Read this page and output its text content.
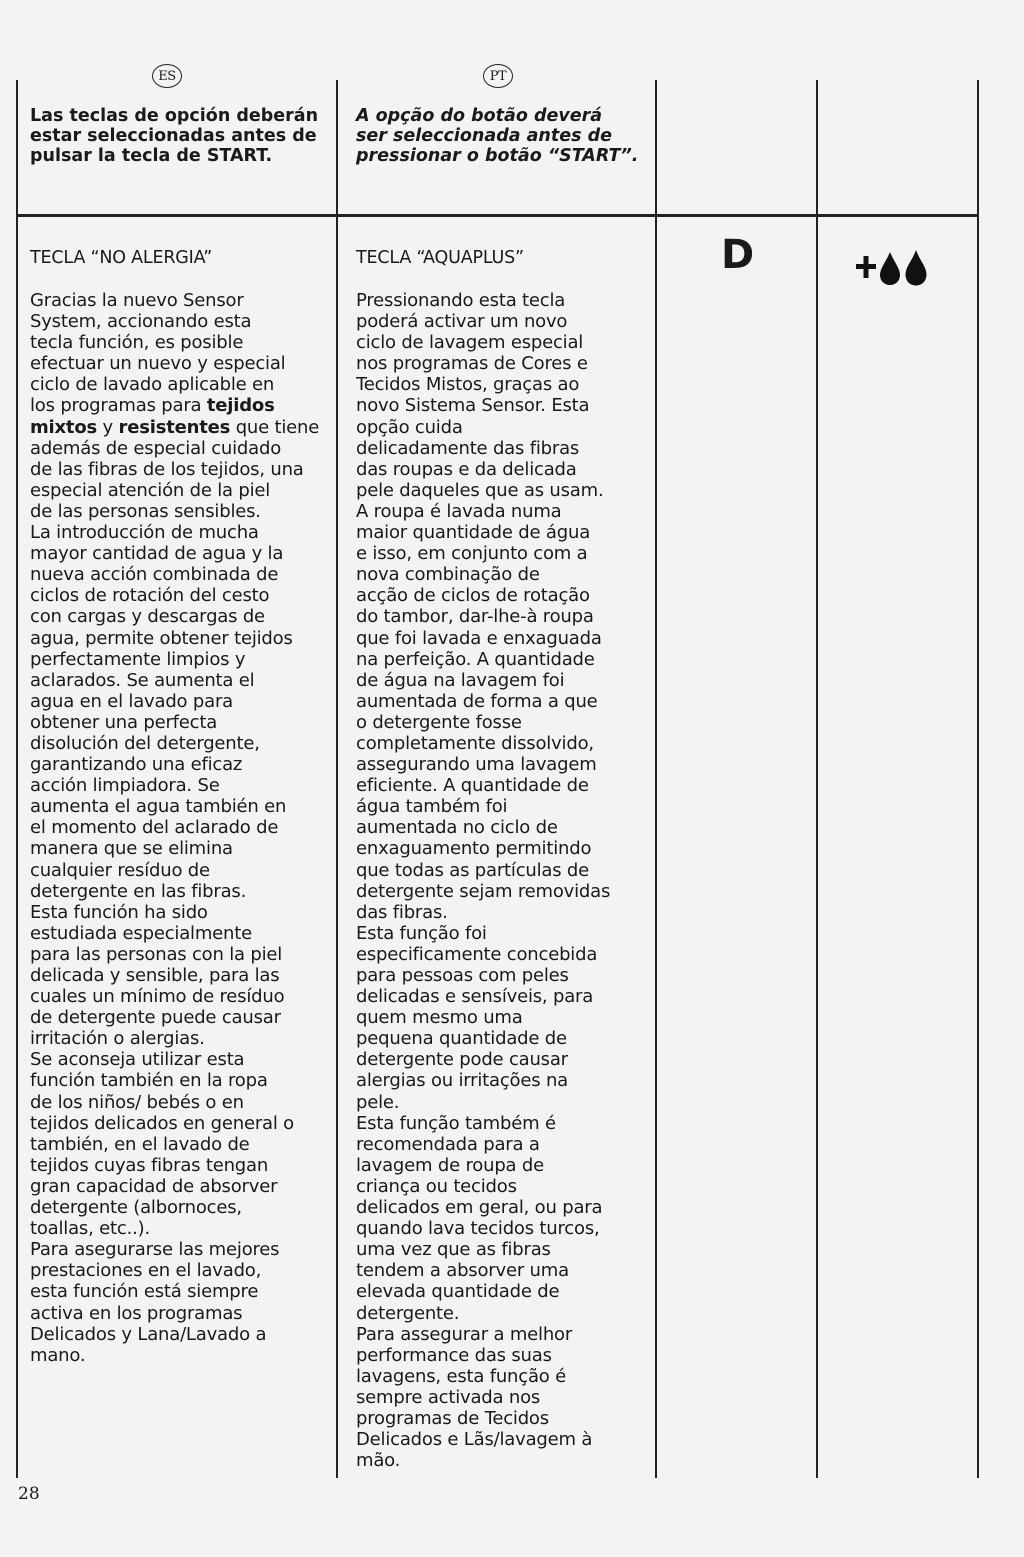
ES	PT
Las teclas de opción deberán
estar seleccionadas antes de
pulsar la tecla de START.
A opção do botão deverá
ser seleccionada antes de
pressionar o botão “START”.
TECLA “NO ALERGIA”	TECLA “AQUAPLUS”
Gracias la nuevo Sensor
System, accionando esta
tecla función, es posible
efectuar un nuevo y especial
ciclo de lavado aplicable en
los programas para tejidos
mixtos y resistentes que tiene
además de especial cuidado
de las fibras de los tejidos, una
especial atención de la piel
de las personas sensibles.
La introducción de mucha
mayor cantidad de agua y la
nueva acción combinada de
ciclos de rotación del cesto
con cargas y descargas de
agua, permite obtener tejidos
perfectamente limpios y
aclarados. Se aumenta el
agua en el lavado para
obtener una perfecta
disolución del detergente,
garantizando una eficaz
acción limpiadora. Se
aumenta el agua también en
el momento del aclarado de
manera que se elimina
cualquier resíduo de
detergente en las fibras.
Esta función ha sido
estudiada especialmente
para las personas con la piel
delicada y sensible, para las
cuales un mínimo de resíduo
de detergente puede causar
irritación o alergias.
Se aconseja utilizar esta
función también en la ropa
de los niños/ bebés o en
tejidos delicados en general o
también, en el lavado de
tejidos cuyas fibras tengan
gran capacidad de absorver
detergente (albornoces,
toallas, etc..).
Para asegurarse las mejores
prestaciones en el lavado,
esta función está siempre
activa en los programas
Delicados y Lana/Lavado a
mano.
Pressionando esta tecla
poderá activar um novo
ciclo de lavagem especial
nos programas de Cores e
Tecidos Mistos, graças ao
novo Sistema Sensor. Esta
opção cuida
delicadamente das fibras
das roupas e da delicada
pele daqueles que as usam.
A roupa é lavada numa
maior quantidade de água
e isso, em conjunto com a
nova combinação de
acção de ciclos de rotação
do tambor, dar-lhe-à roupa
que foi lavada e enxaguada
na perfeição. A quantidade
de água na lavagem foi
aumentada de forma a que
o detergente fosse
completamente dissolvido,
assegurando uma lavagem
eficiente. A quantidade de
água também foi
aumentada no ciclo de
enxaguamento permitindo
que todas as partículas de
detergente sejam removidas
das fibras.
Esta função foi
especificamente concebida
para pessoas com peles
delicadas e sensíveis, para
quem mesmo uma
pequena quantidade de
detergente pode causar
alergias ou irritações na
pele.
Esta função também é
recomendada para a
lavagem de roupa de
criança ou tecidos
delicados em geral, ou para
quando lava tecidos turcos,
uma vez que as fibras
tendem a absorver uma
elevada quantidade de
detergente.
Para assegurar a melhor
performance das suas
lavagens, esta função é
sempre activada nos
programas de Tecidos
Delicados e Lãs/lavagem à
mão.
D
28
